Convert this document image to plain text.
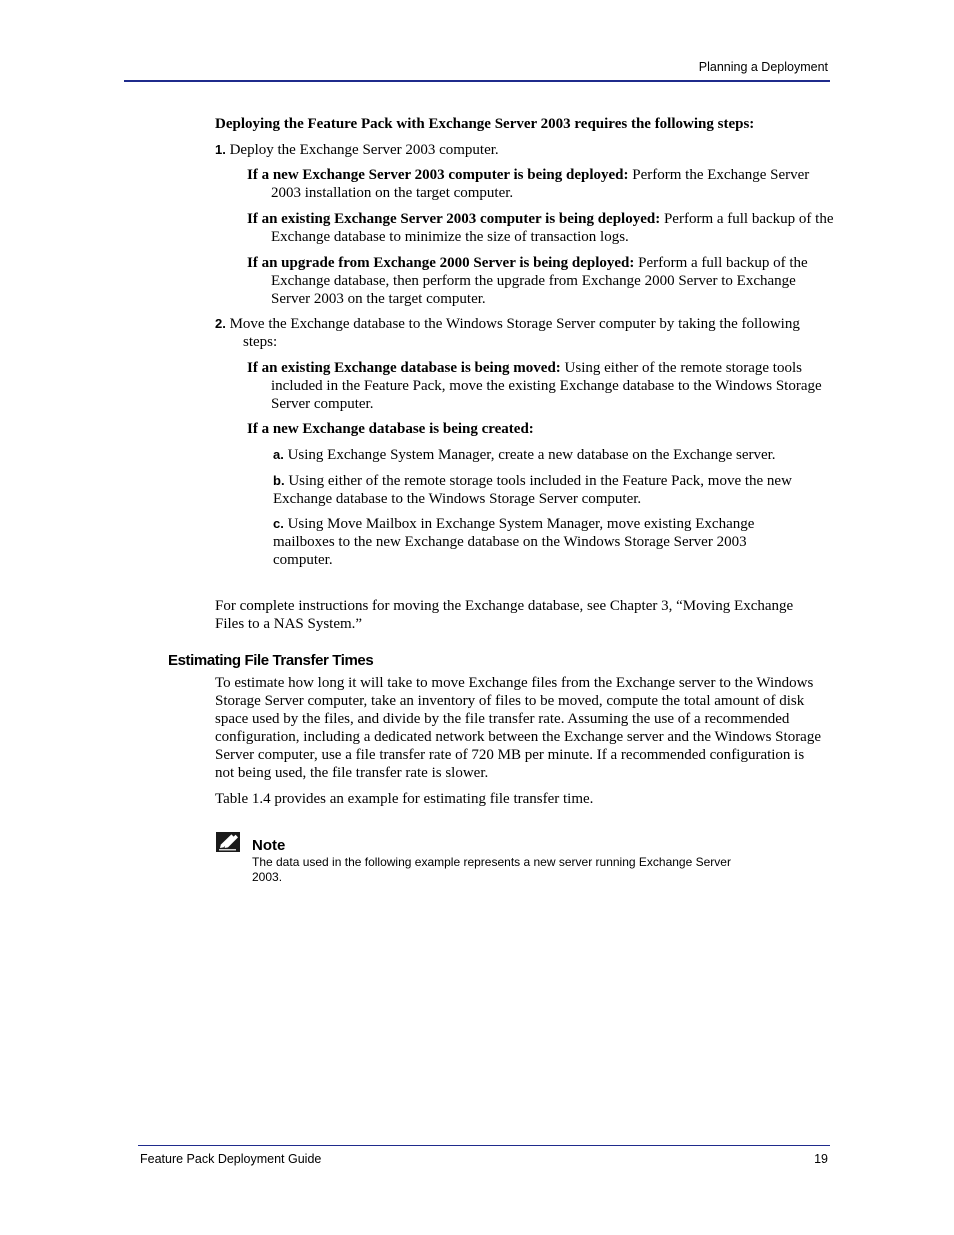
Planning a Deployment

Deploying the Feature Pack with Exchange Server 2003 requires the following steps:

1. Deploy the Exchange Server 2003 computer.

If a new Exchange Server 2003 computer is being deployed: Perform the Exchange Server 2003 installation on the target computer.

If an existing Exchange Server 2003 computer is being deployed: Perform a full backup of the Exchange database to minimize the size of transaction logs.

If an upgrade from Exchange 2000 Server is being deployed: Perform a full backup of the Exchange database, then perform the upgrade from Exchange 2000 Server to Exchange Server 2003 on the target computer.

2. Move the Exchange database to the Windows Storage Server computer by taking the following steps:

If an existing Exchange database is being moved: Using either of the remote storage tools included in the Feature Pack, move the existing Exchange database to the Windows Storage Server computer.

If a new Exchange database is being created:

a. Using Exchange System Manager, create a new database on the Exchange server.

b. Using either of the remote storage tools included in the Feature Pack, move the new Exchange database to the Windows Storage Server computer.

c. Using Move Mailbox in Exchange System Manager, move existing Exchange mailboxes to the new Exchange database on the Windows Storage Server 2003 computer.

For complete instructions for moving the Exchange database, see Chapter 3, “Moving Exchange Files to a NAS System.”

To estimate how long it will take to move Exchange files from the Exchange server to the Windows Storage Server computer, take an inventory of files to be moved, compute the total amount of disk space used by the files, and divide by the file transfer rate. Assuming the use of a recommended configuration, including a dedicated network between the Exchange server and the Windows Storage Server computer, use a file transfer rate of 720 MB per minute. If a recommended configuration is not being used, the file transfer rate is slower.

Table 1.4 provides an example for estimating file transfer time.

Estimating File Transfer Times
Note
The data used in the following example represents a new server running Exchange Server 2003.
Feature Pack Deployment Guide	19
